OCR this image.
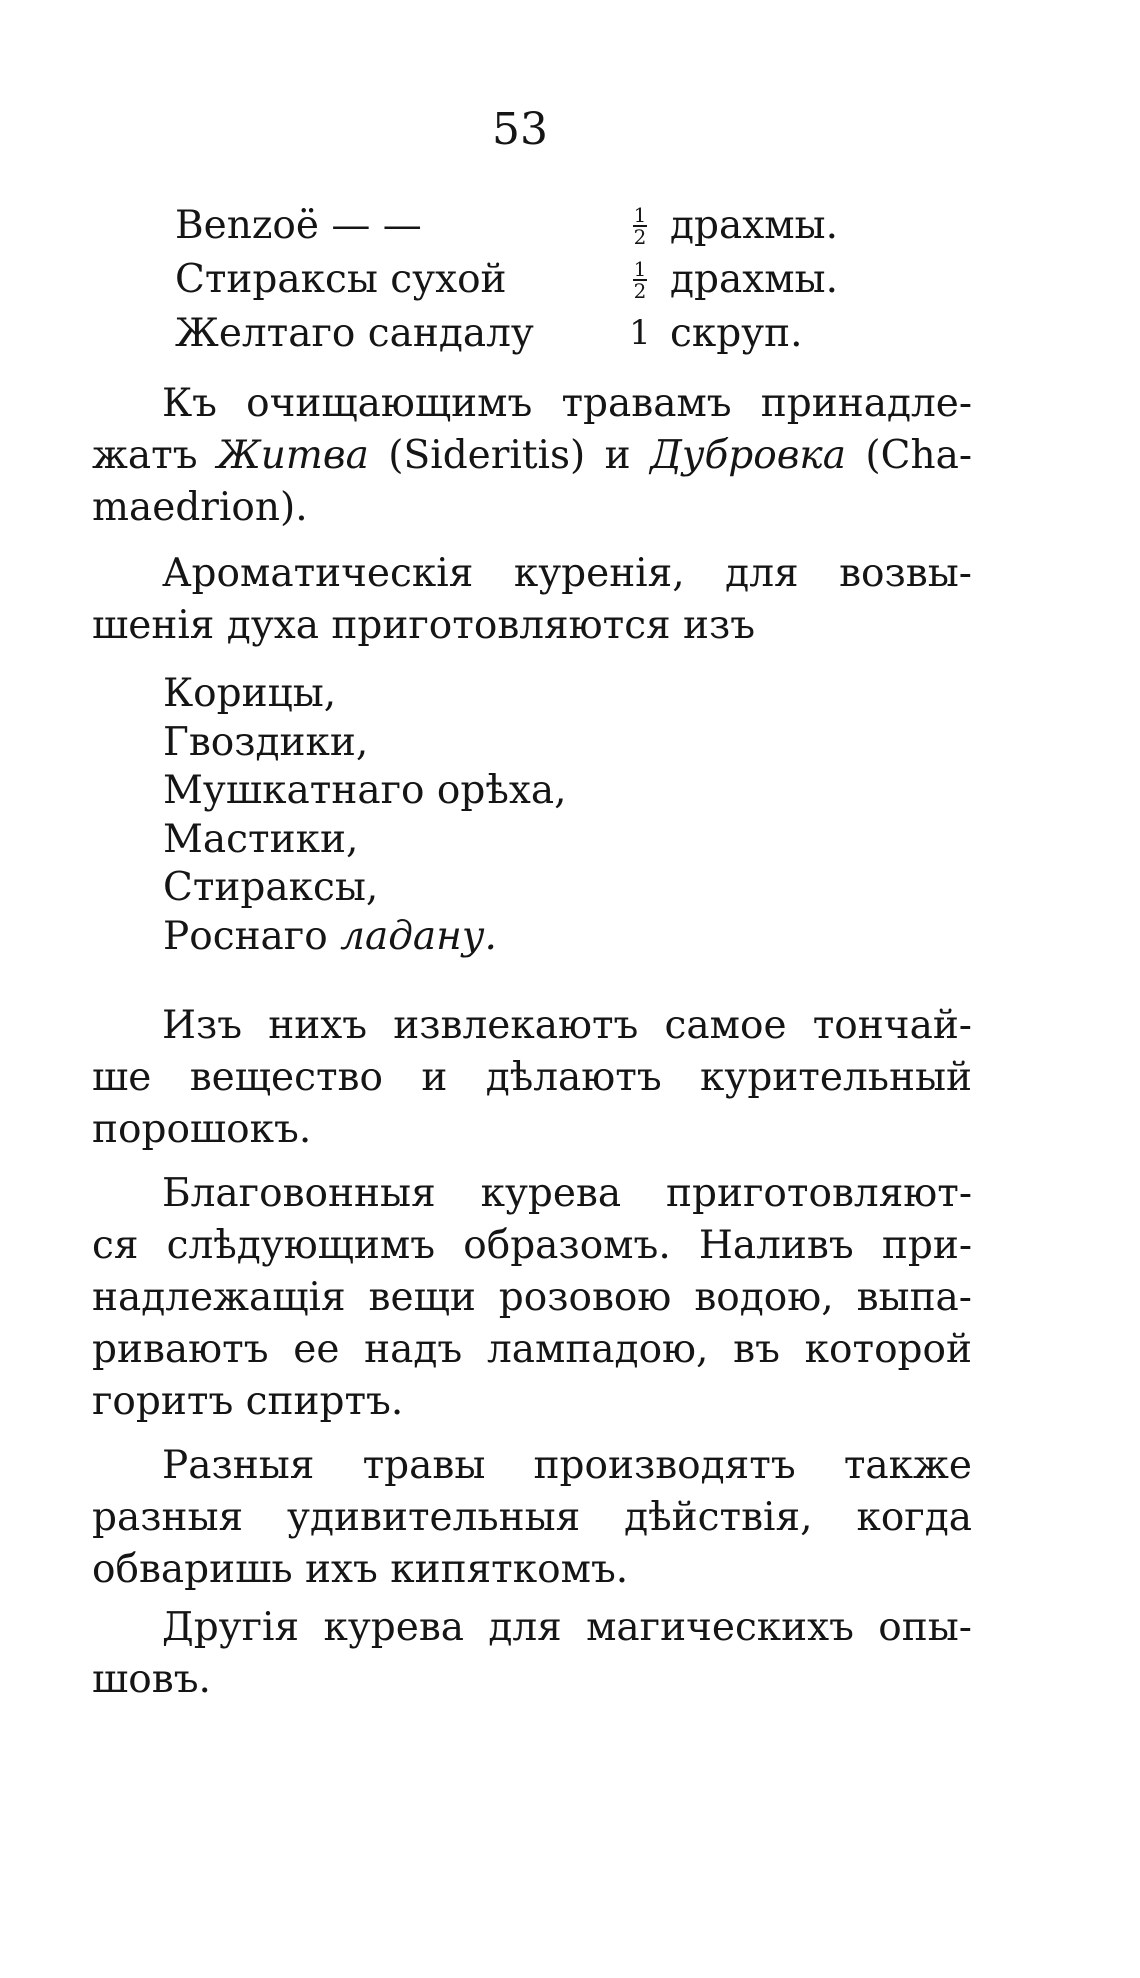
53
Benzoë — —	$\frac{1}{2}$ драхмы.
Стираксы сухой	$\frac{1}{2}$ драхмы.
Желтаго сандалу	1 скруп.

Къ очищающимъ травамъ принадле-
жатъ Житва (Sideritis) и Дубровка (Cha-
maedrion).

Ароматическія куренія, для возвы-
шенія духа приготовляются изъ

Корицы,
Гвоздики,
Мушкатнаго орѣха,
Мастики,
Стираксы,
Роснаго ладану.

Изъ нихъ извлекаютъ самое тончай-
ше вещество и дѣлаютъ курительный
порошокъ.

Благовонныя курева приготовляют-
ся слѣдующимъ образомъ. Наливъ при-
надлежащія вещи розовою водою, выпа-
риваютъ ее надъ лампадою, въ которой
горитъ спиртъ.

Разныя травы производятъ также
разныя удивительныя дѣйствія, когда
обваришь ихъ кипяткомъ.

Другія курева для магическихъ опы-
шовъ.
